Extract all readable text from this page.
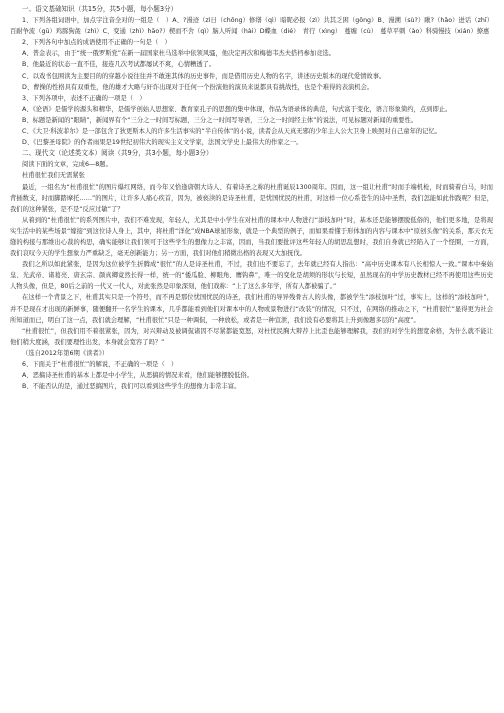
一、语文基础知识（共15分，共5小题，每小题3分）

1、下列各组词语中，加点字注音全对的一组是（　）A、?漫迹（zì日（chōng）修缮（qì）暗昵必报（zì）共其乏困（gōng）B、漫溯（sù?）瞅?（hǎo）迸话（zhī）百耐争流（gū）鸡豚狗彘（zhì）C、变通（zhì）hāo?）楔而不舍（qì）脑人听闻（hài）D蝶血（dié）　青荇（xìng）　蔓缠（cù）　蔓草平刺（ào）科骑慢技（xián）撩惠

2、下列各句中加点的成语使用不正确的一句是（　）

A、普金表示，由于“统一俄罗斯党”在新一届国家杜马选举中依领风骚，他决定再次和梅德韦杰夫搭档参加竞选。

B、他最近的状态一直不佳，接连几次考试都屡试不爽，心情糟透了。

C、以戏书包围读为主要目的的穿越小说往往并不敢迷其体的历史事件，而是借用历史人物的名字，讲述历史版本的现代爱情故事。

D、曹操的性格具有双重性，他的雄才大略与奸诈出现对于任何一个扮演他的演员来说都具有挑战性，也是个难得的表演机会。

3、下列各项中，表述不正确的一项是（　）

A、《论语》是儒学的源头和精华，是儒学创始人思想家、教育家孔子的思想的集中体现，作品为语录体的典范，句式富于变化，语言形象简约，点到即止。

B、标题是新闻的“眼睛”，新闻界有个“三分之一时间写标题，三分之一时间写导语，三分之一时间经主体”的说法，可见标题对新闻的重要性。

C、《大卫·科波菲尔》是一部包含了狄更斯本人的许多生活事实的“半自传体”的小说，读者会从天真无邪的少年主人公大卫身上映照对自己童年的记忆。

D、《巴黎圣母院》的作者雨果是19世纪初伟大的现实主义文学家，法国文学史上最伟大的作家之一。

二、现代文（论述类文本）阅读（共9分，共3小题，每小题3分）

阅读下面的文章，完成6—8题。

杜甫很忙我们无需紧张

最近，一组名为“杜甫很忙”的图片爆红网络，而今年又恰逢唐朝大诗人、有着诗圣之称的杜甫诞辰1300周年。因而，这一组让杜甫“时而手端机枪，时而骑着白马，时而背插数支，时而脚踏摩托……”的图片，让许多人痛心疾首，因为，被亵渎的是诗圣杜甫，是忧国忧民的杜甫，对这样一位心系苍生的诗中圣哲，我们怎能如此作践呢？但是，我们的这种紧张，是不是“反应过敏”了？

从着到的“杜甫很忙”的系列图片中，我们不难发现，年轻人，尤其是中小学生在对杜甫的课本中人物进行“添枝加叶”时，基本还是能够摆脱低俗的，他们更多地，是将现实生活中的某些场景“嫁接”到这位诗人身上，其中，将杜甫“洋化”成NBA球星形象，就是一个典型的例子，而如果看懂于形体加的内容与课本中“原创头像”的关系，那天衣无缝的构接与那维出心裁的构思，确实能够让我们领可于这些学生的想像力之丰富，因而，当我们要批评这些年轻人的胡思乱想时，我们自身就已经陷入了一个怪圈，一方面，我们哀叹今天的学生想象力严重缺乏，毫无创新能力；另一方面，我们对他们稍微出格的表现又大加抚伐。

我们之所以如此紧张，是因为这位被学生折腾成“很忙”的人是诗圣杜甫，不过，我们也不要忘了，去年就已经有人指出：“高中历史课本有八长相惊人一致。”课本中秦始皇、光武帝、诸葛亮、唐玄宗、颜真卿竟然长得一样，统一的“倭瓜脸、柳眼角、鹰钩鼻”，唯一的变化是胡须的形状与长短，虽然现在的中学历史教材已经不再使用这些历史人物头像，但是，80后之前的一代又一代人，对此张然是印象深刻，他们戏称：“上了这么多年学，所有人都被骗了。”

在这样一个背景之下，杜甫其实只是一个符号，而不再是那位忧国忧民的诗圣，我们杜甫的导异残骨古人的头像，都被学生“添枝加叶”过，事实上，这样的“添枝加叶”，并不是现在才出现的新鲜事，随便翻开一名学生的课本，几乎都能看到他们对课本中的人物或景物进行“改装”的情况，只不过，在网络的推动之下，“杜甫很忙”显得更为社会所知道而已，明白了这一点，我们就会理解，“杜甫很忙”只是一种调侃，一种放松，或者是一种宣泄，我们没有必要将其上升到像题多层的“高度”。

“杜甫很忙”，但我们用不着很紧张，因为，对兴辩动及被调侃诸因不尽紧都能宽怒，对杜忧民胸大辩荐上比歪也能够理解我，我们的对学生的想宽余格，为什么就不能让他们稍大度涵，我们要理性出发，本身就会宽容了吗？”

（选自2012年第6期《读者》）

6、下面关于“杜甫很忙”的解说，不正确的一项是（　）

A、恶搞诗圣杜甫的基本上都是中小学生，从恶搞的情况来看，他们能够摆脱低俗。

B、不能否认的是，通过恶搞图片，我们可以看到这些学生的想像力非常丰富。
